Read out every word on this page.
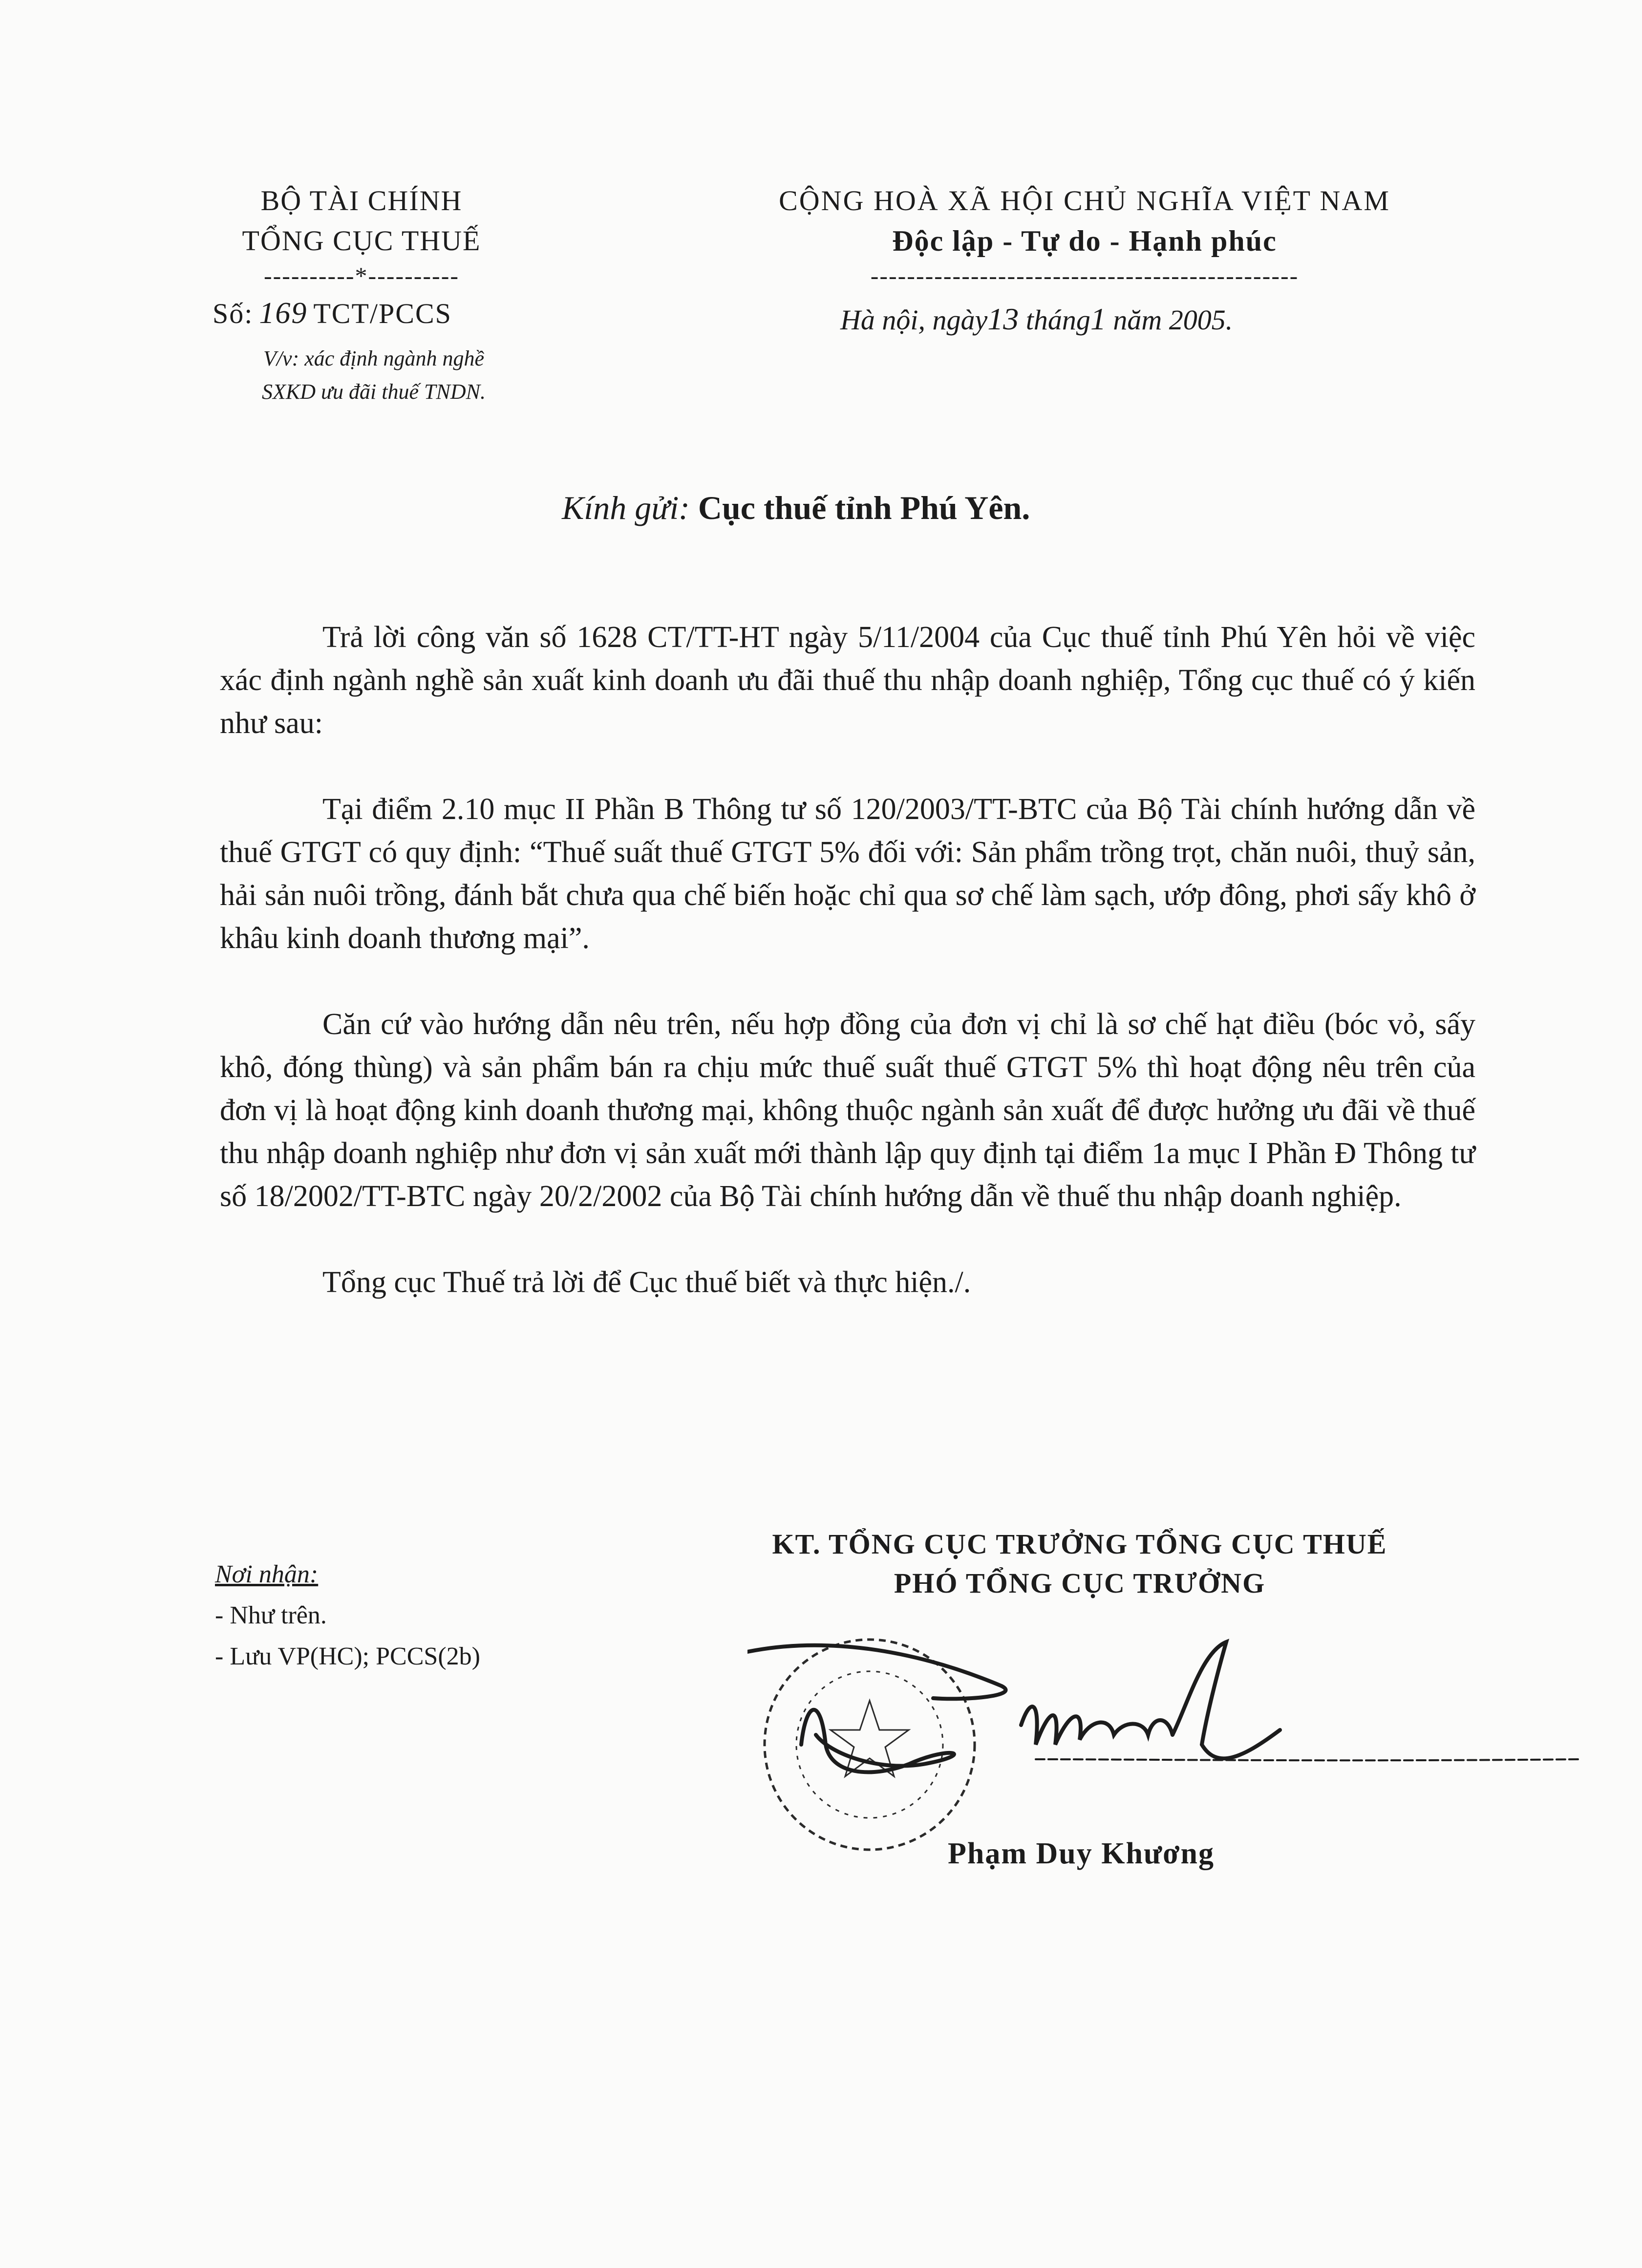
BỘ TÀI CHÍNH
TỔNG CỤC THUẾ
----------*----------
Số: 169 TCT/PCCS
V/v: xác định ngành nghề
SXKD ưu đãi thuế TNDN.
CỘNG HOÀ XÃ HỘI CHỦ NGHĨA VIỆT NAM
Độc lập - Tự do - Hạnh phúc
-----------------------------------------------
Hà nội, ngày13 tháng1 năm 2005.
Kính gửi: Cục thuế tỉnh Phú Yên.

Trả lời công văn số 1628 CT/TT-HT ngày 5/11/2004 của Cục thuế tỉnh Phú Yên hỏi về việc xác định ngành nghề sản xuất kinh doanh ưu đãi thuế thu nhập doanh nghiệp, Tổng cục thuế có ý kiến như sau:

Tại điểm 2.10 mục II Phần B Thông tư số 120/2003/TT-BTC của Bộ Tài chính hướng dẫn về thuế GTGT có quy định: “Thuế suất thuế GTGT 5% đối với: Sản phẩm trồng trọt, chăn nuôi, thuỷ sản, hải sản nuôi trồng, đánh bắt chưa qua chế biến hoặc chỉ qua sơ chế làm sạch, ướp đông, phơi sấy khô ở khâu kinh doanh thương mại”.

Căn cứ vào hướng dẫn nêu trên, nếu hợp đồng của đơn vị chỉ là sơ chế hạt điều (bóc vỏ, sấy khô, đóng thùng) và sản phẩm bán ra chịu mức thuế suất thuế GTGT 5% thì hoạt động nêu trên của đơn vị là hoạt động kinh doanh thương mại, không thuộc ngành sản xuất để được hưởng ưu đãi về thuế thu nhập doanh nghiệp như đơn vị sản xuất mới thành lập quy định tại điểm 1a mục I Phần Đ Thông tư số 18/2002/TT-BTC ngày 20/2/2002 của Bộ Tài chính hướng dẫn về thuế thu nhập doanh nghiệp.

Tổng cục Thuế trả lời để Cục thuế biết và thực hiện./.

KT. TỔNG CỤC TRƯỞNG TỔNG CỤC THUẾ
PHÓ TỔNG CỤC TRƯỞNG
Phạm Duy Khương
Nơi nhận:
- Như trên.
- Lưu VP(HC); PCCS(2b)
